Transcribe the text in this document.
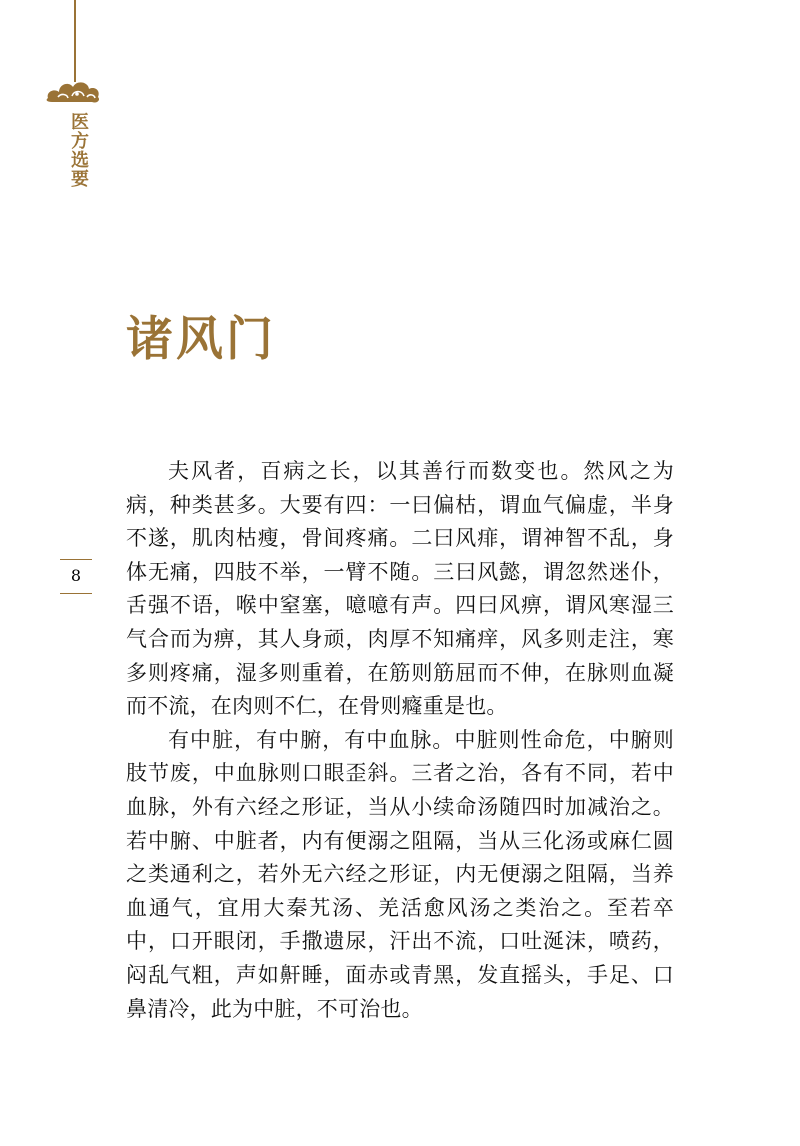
医方选要
诸风门
8

夫风者，百病之长，以其善行而数变也。然风之为病，种类甚多。大要有四：一曰偏枯，谓血气偏虚，半身不遂，肌肉枯瘦，骨间疼痛。二曰风痱，谓神智不乱，身体无痛，四肢不举，一臂不随。三曰风懿，谓忽然迷仆，舌强不语，喉中窒塞，噫噫有声。四曰风痹，谓风寒湿三气合而为痹，其人身顽，肉厚不知痛痒，风多则走注，寒多则疼痛，湿多则重着，在筋则筋屈而不伸，在脉则血凝而不流，在肉则不仁，在骨则癃重是也。

有中脏，有中腑，有中血脉。中脏则性命危，中腑则肢节废，中血脉则口眼歪斜。三者之治，各有不同，若中血脉，外有六经之形证，当从小续命汤随四时加减治之。若中腑、中脏者，内有便溺之阻隔，当从三化汤或麻仁圆之类通利之，若外无六经之形证，内无便溺之阻隔，当养血通气，宜用大秦艽汤、羌活愈风汤之类治之。至若卒中，口开眼闭，手撒遗尿，汗出不流，口吐涎沫，喷药，闷乱气粗，声如鼾睡，面赤或青黑，发直摇头，手足、口鼻清冷，此为中脏，不可治也。
